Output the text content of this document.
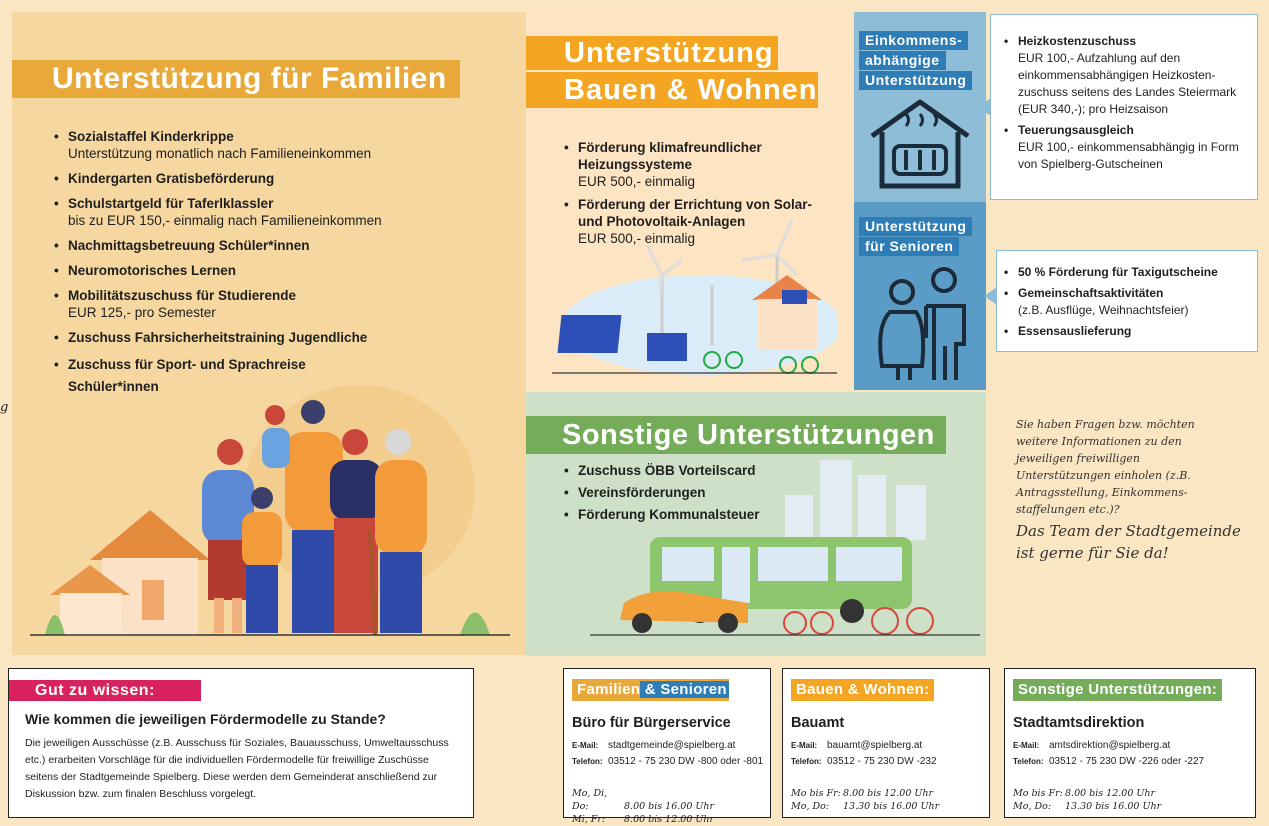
g
Unterstützung für Familien
• Sozialstaffel Kinderkrippe
Unterstützung monatlich nach Familieneinkommen
• Kindergarten Gratisbeförderung
• Schulstartgeld für Taferlklassler
bis zu EUR 150,- einmalig nach Familieneinkommen
• Nachmittagsbetreuung Schüler*innen
• Neuromotorisches Lernen
• Mobilitätszuschuss für Studierende
EUR 125,- pro Semester
• Zuschuss Fahrsicherheitstraining Jugendliche
• Zuschuss für Sport- und Sprachreise Schüler*innen
Unterstützung
Bauen & Wohnen
• Förderung klimafreundlicher Heizungssysteme
EUR 500,- einmalig
• Förderung der Errichtung von Solar- und Photovoltaik-Anlagen
EUR 500,- einmalig
Einkommens-
abhängige
Unterstützung
• Heizkostenzuschuss
EUR 100,- Aufzahlung auf den einkommensabhängigen Heizkosten-zuschuss seitens des Landes Steiermark (EUR 340,-); pro Heizsaison
• Teuerungsausgleich
EUR 100,- einkommensabhängig in Form von Spielberg-Gutscheinen
Unterstützung
für Senioren
• 50 % Förderung für Taxigutscheine
• Gemeinschaftsaktivitäten
(z.B. Ausflüge, Weihnachtsfeier)
• Essensauslieferung
Sonstige Unterstützungen
• Zuschuss ÖBB Vorteilscard
• Vereinsförderungen
• Förderung Kommunalsteuer
Sie haben Fragen bzw. möchten weitere Informationen zu den jeweiligen freiwilligen Unterstützungen einholen (z.B. Antragsstellung, Einkommens-staffelungen etc.)?
Das Team der Stadtgemeinde ist gerne für Sie da!
Gut zu wissen:
Wie kommen die jeweiligen Fördermodelle zu Stande?
Die jeweiligen Ausschüsse (z.B. Ausschuss für Soziales, Bauausschuss, Umweltausschuss etc.) erarbeiten Vorschläge für die individuellen Fördermodelle für freiwillige Zuschüsse seitens der Stadtgemeinde Spielberg. Diese werden dem Gemeinderat anschließend zur Diskussion bzw. zum finalen Beschluss vorgelegt.
Familien & Senioren
Büro für Bürgerservice
E-Mail: stadtgemeinde@spielberg.at
Telefon: 03512 - 75 230 DW -800 oder -801
Mo, Di, Do:	8.00 bis 16.00 Uhr
Mi, Fr: 8.00 bis 12.00 Uhr
Bauen & Wohnen:
Bauamt
E-Mail: bauamt@spielberg.at
Telefon: 03512 - 75 230 DW -232
Mo bis Fr: 8.00 bis 12.00 Uhr
Mo, Do: 13.30 bis 16.00 Uhr
Sonstige Unterstützungen:
Stadtamtsdirektion
E-Mail: amtsdirektion@spielberg.at
Telefon: 03512 - 75 230 DW -226 oder -227
Mo bis Fr: 8.00 bis 12.00 Uhr
Mo, Do: 13.30 bis 16.00 Uhr
